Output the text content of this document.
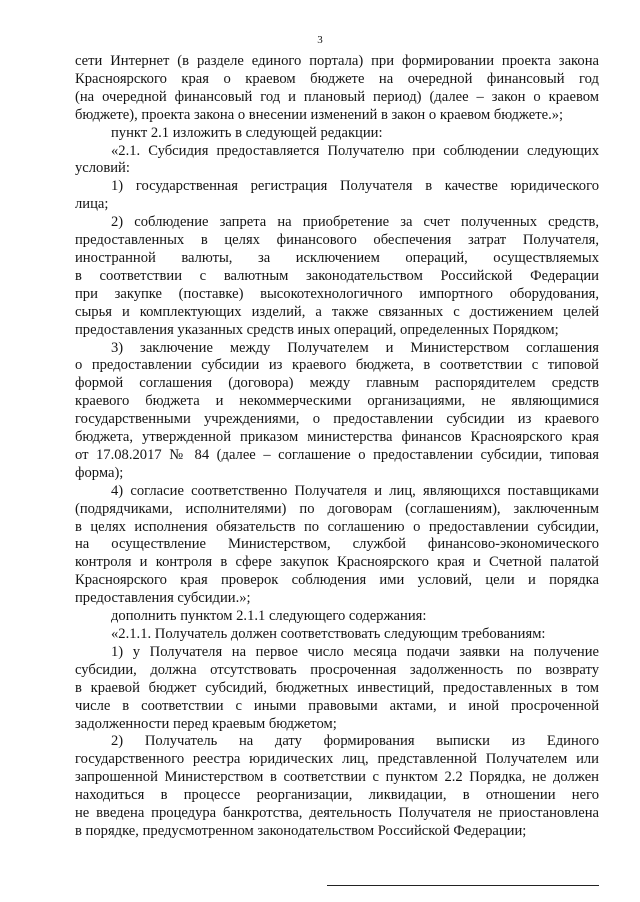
3

сети Интернет (в разделе единого портала) при формировании проекта закона
Красноярского края о краевом бюджете на очередной финансовый год
(на очередной финансовый год и плановый период) (далее – закон о краевом
бюджете), проекта закона о внесении изменений в закон о краевом бюджете.»;

пункт 2.1 изложить в следующей редакции:

«2.1. Субсидия предоставляется Получателю при соблюдении следующих
условий:

1) государственная регистрация Получателя в качестве юридического
лица;

2) соблюдение запрета на приобретение за счет полученных средств,
предоставленных в целях финансового обеспечения затрат Получателя,
иностранной валюты, за исключением операций, осуществляемых
в соответствии с валютным законодательством Российской Федерации
при закупке (поставке) высокотехнологичного импортного оборудования,
сырья и комплектующих изделий, а также связанных с достижением целей
предоставления указанных средств иных операций, определенных Порядком;

3) заключение между Получателем и Министерством соглашения
о предоставлении субсидии из краевого бюджета, в соответствии с типовой
формой соглашения (договора) между главным распорядителем средств
краевого бюджета и некоммерческими организациями, не являющимися
государственными учреждениями, о предоставлении субсидии из краевого
бюджета, утвержденной приказом министерства финансов Красноярского края
от 17.08.2017 № 84 (далее – соглашение о предоставлении субсидии, типовая
форма);

4) согласие соответственно Получателя и лиц, являющихся поставщиками
(подрядчиками, исполнителями) по договорам (соглашениям), заключенным
в целях исполнения обязательств по соглашению о предоставлении субсидии,
на осуществление Министерством, службой финансово-экономического
контроля и контроля в сфере закупок Красноярского края и Счетной палатой
Красноярского края проверок соблюдения ими условий, цели и порядка
предоставления субсидии.»;

дополнить пунктом 2.1.1 следующего содержания:

«2.1.1. Получатель должен соответствовать следующим требованиям:

1) у Получателя на первое число месяца подачи заявки на получение
субсидии, должна отсутствовать просроченная задолженность по возврату
в краевой бюджет субсидий, бюджетных инвестиций, предоставленных в том
числе в соответствии с иными правовыми актами, и иной просроченной
задолженности перед краевым бюджетом;

2) Получатель на дату формирования выписки из Единого
государственного реестра юридических лиц, представленной Получателем или
запрошенной Министерством в соответствии с пунктом 2.2 Порядка, не должен
находиться в процессе реорганизации, ликвидации, в отношении него
не введена процедура банкротства, деятельность Получателя не приостановлена
в порядке, предусмотренном законодательством Российской Федерации;
